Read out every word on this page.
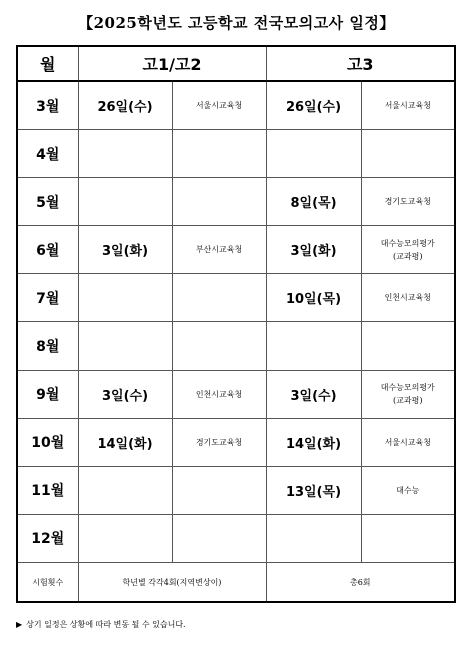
【2025학년도 고등학교 전국모의고사 일정】
월	고1/고2		고3	
3월	26일(수)	서울시교육청	26일(수)	서울시교육청
4월				
5월			8일(목)	경기도교육청
6월	3일(화)	부산시교육청	3일(화)	대수능모의평가
(교과평)
7월			10일(목)	인천시교육청
8월				
9월	3일(수)	인천시교육청	3일(수)	대수능모의평가
(교과평)
10월	14일(화)	경기도교육청	14일(화)	서울시교육청
11월			13일(목)	대수능
12월				
시험횟수	학년별 각각4회(지역변상이)		총6회	
▶ 상기 일정은 상황에 따라 변동 될 수 있습니다.
